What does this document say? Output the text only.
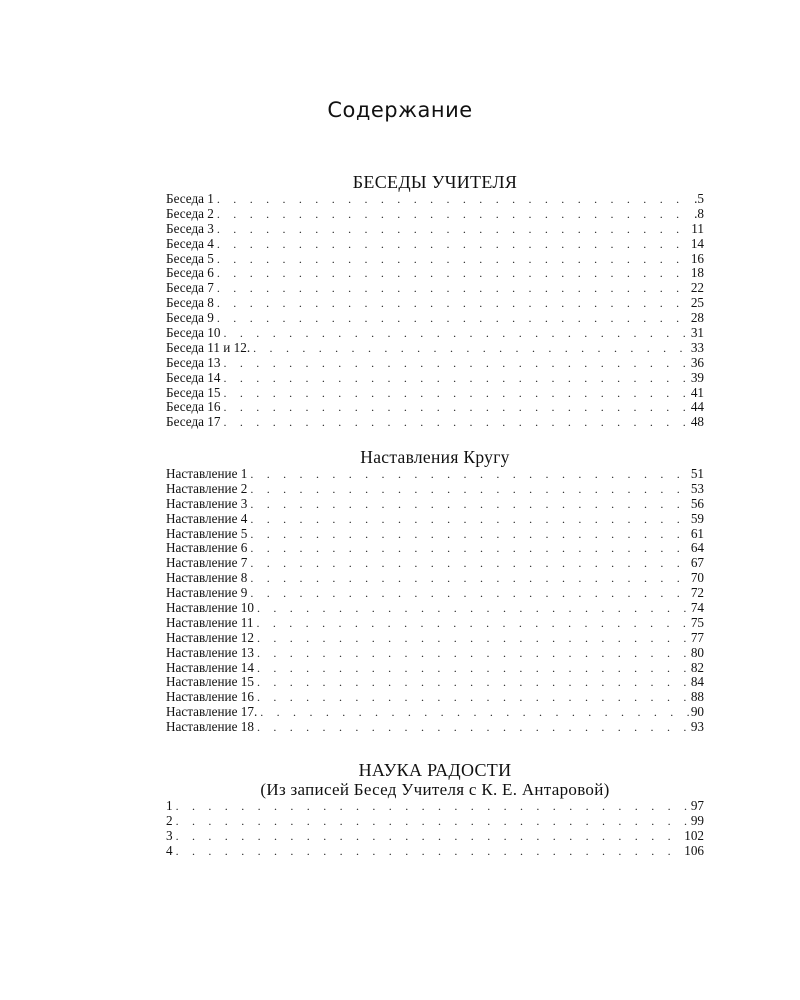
Содержание
БЕСЕДЫ УЧИТЕЛЯ
Беседа 1 . . .	.5
Беседа 2 . . .	.8
Беседа 3 . . .	11
Беседа 4 . . .	14
Беседа 5 . . .	16
Беседа 6 . . .	18
Беседа 7 . . .	22
Беседа 8 . . .	25
Беседа 9 . . .	28
Беседа 10 . . .	31
Беседа 11 и 12. . . .	33
Беседа 13 . . .	36
Беседа 14 . . .	39
Беседа 15 . . .	41
Беседа 16 . . .	44
Беседа 17 . . .	48
Наставления Кругу
Наставление 1 . . .	51
Наставление 2 . . .	53
Наставление 3 . . .	56
Наставление 4 . . .	59
Наставление 5 . . .	61
Наставление 6 . . .	64
Наставление 7 . . .	67
Наставление 8 . . .	70
Наставление 9 . . .	72
Наставление 10 . . .	74
Наставление 11 . . .	75
Наставление 12 . . .	77
Наставление 13 . . .	80
Наставление 14 . . .	82
Наставление 15 . . .	84
Наставление 16 . . .	88
Наставление 17. . . .	90
Наставление 18 . . .	93
НАУКА РАДОСТИ
(Из записей Бесед Учителя с К. Е. Антаровой)
1 . . .	97
2 . . .	99
3 . . .	102
4 . . .	106
